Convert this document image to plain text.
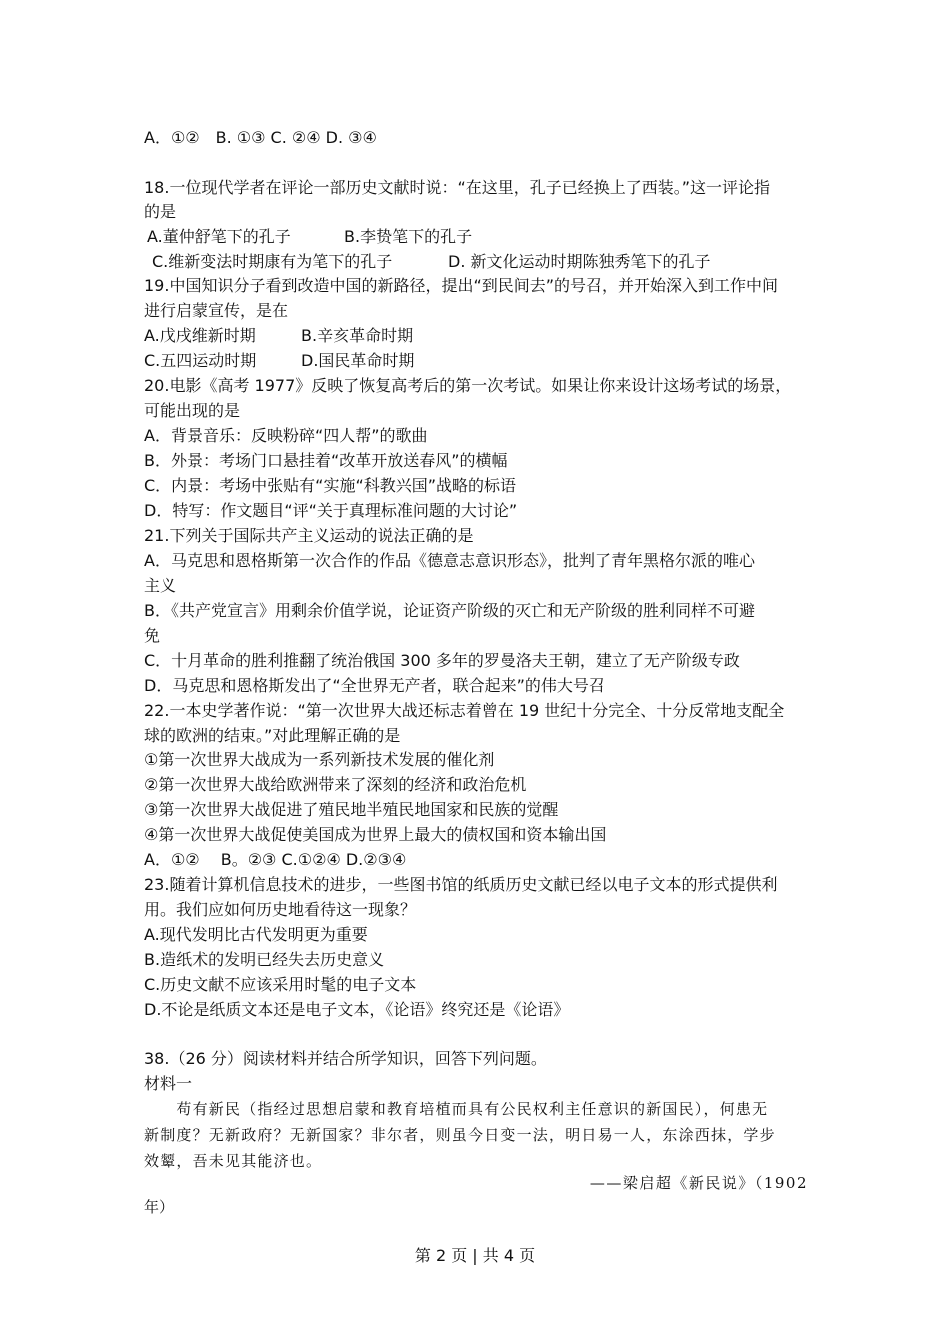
A．①②　B. ①③ C. ②④ D. ③④
18.一位现代学者在评论一部历史文献时说：“在这里，孔子已经换上了西装。”这一评论指
的是
A.董仲舒笔下的孔子	B.李贽笔下的孔子
C.维新变法时期康有为笔下的孔子	D. 新文化运动时期陈独秀笔下的孔子
19.中国知识分子看到改造中国的新路径，提出“到民间去”的号召，并开始深入到工作中间
进行启蒙宣传，是在
A.戊戌维新时期	B.辛亥革命时期
C.五四运动时期	D.国民革命时期
20.电影《高考 1977》反映了恢复高考后的第一次考试。如果让你来设计这场考试的场景，
可能出现的是
A．背景音乐：反映粉碎“四人帮”的歌曲
B．外景：考场门口悬挂着“改革开放送春风”的横幅
C．内景：考场中张贴有“实施“科教兴国”战略的标语
D．特写：作文题目“评“关于真理标准问题的大讨论”
21.下列关于国际共产主义运动的说法正确的是
A．马克思和恩格斯第一次合作的作品《德意志意识形态》，批判了青年黑格尔派的唯心
主义
B．《共产党宣言》用剩余价值学说，论证资产阶级的灭亡和无产阶级的胜利同样不可避
免
C．十月革命的胜利推翻了统治俄国 300 多年的罗曼洛夫王朝，建立了无产阶级专政
D．马克思和恩格斯发出了“全世界无产者，联合起来”的伟大号召
22.一本史学著作说：“第一次世界大战还标志着曾在 19 世纪十分完全、十分反常地支配全
球的欧洲的结束。”对此理解正确的是
①第一次世界大战成为一系列新技术发展的催化剂
②第一次世界大战给欧洲带来了深刻的经济和政治危机
③第一次世界大战促进了殖民地半殖民地国家和民族的觉醒
④第一次世界大战促使美国成为世界上最大的债权国和资本输出国
A．①②　 B。②③ C.①②④ D.②③④
23.随着计算机信息技术的进步，一些图书馆的纸质历史文献已经以电子文本的形式提供利
用。我们应如何历史地看待这一现象？
A.现代发明比古代发明更为重要
B.造纸术的发明已经失去历史意义
C.历史文献不应该采用时髦的电子文本
D.不论是纸质文本还是电子文本，《论语》终究还是《论语》
38.（26 分）阅读材料并结合所学知识，回答下列问题。
材料一
　　苟有新民（指经过思想启蒙和教育培植而具有公民权利主任意识的新国民），何患无
新制度？无新政府？无新国家？非尔者，则虽今日变一法，明日易一人，东涂西抹，学步
效颦，吾未见其能济也。
——梁启超《新民说》（1902
年）
第 2 页 | 共 4 页
